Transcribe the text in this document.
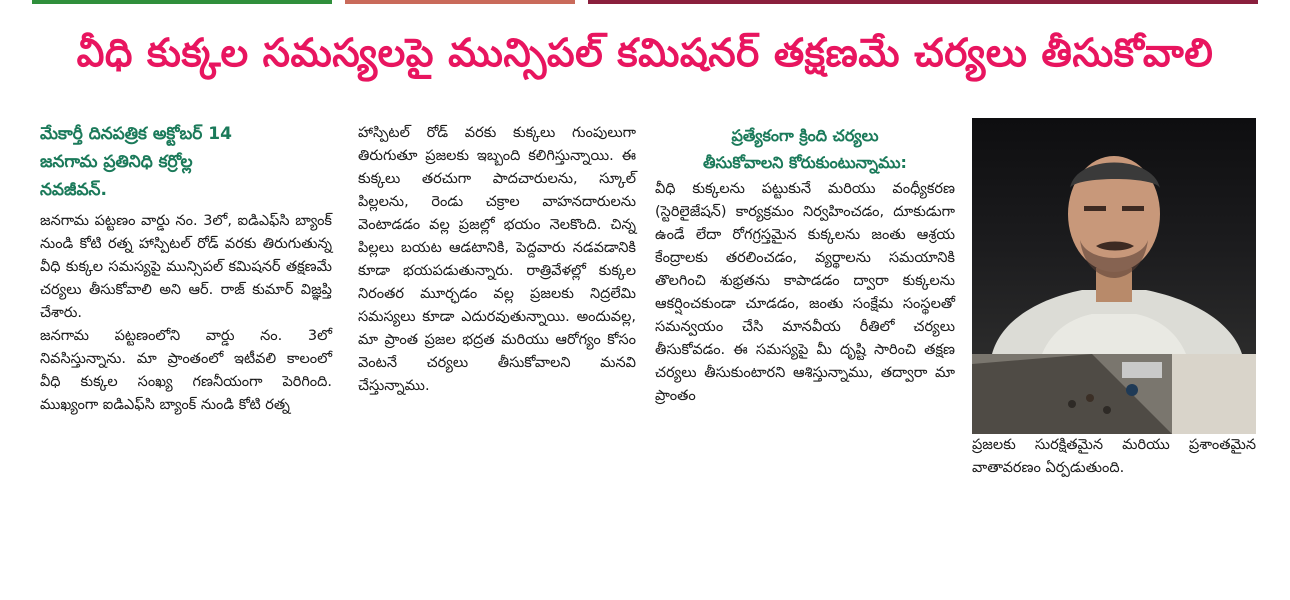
వీధి కుక్కల సమస్యలపై మున్సిపల్ కమిషనర్ తక్షణమే చర్యలు తీసుకోవాలి
మేకార్తీ దినపత్రిక అక్టోబర్ 14
జనగామ ప్రతినిధి కర్రోల్ల
నవజీవన్.

జనగామ పట్టణం వార్డు నం. 3లో, ఐడిఎఫ్‌సి బ్యాంక్ నుండి కోటి రత్న హాస్పిటల్ రోడ్ వరకు తిరుగుతున్న వీధి కుక్కల సమస్యపై మున్సిపల్ కమిషనర్ తక్షణమే చర్యలు తీసుకోవాలి అని ఆర్. రాజ్ కుమార్ విజ్ఞప్తి చేశారు.

జనగామ పట్టణంలోని వార్డు నం. 3లో నివసిస్తున్నాను. మా ప్రాంతంలో ఇటీవలి కాలంలో వీధి కుక్కల సంఖ్య గణనీయంగా పెరిగింది. ముఖ్యంగా ఐడిఎఫ్‌సి బ్యాంక్ నుండి కోటి రత్న

హాస్పిటల్ రోడ్ వరకు కుక్కలు గుంపులుగా తిరుగుతూ ప్రజలకు ఇబ్బంది కలిగిస్తున్నాయి. ఈ కుక్కలు తరచుగా పాదచారులను, స్కూల్ పిల్లలను, రెండు చక్రాల వాహనదారులను వెంటాడడం వల్ల ప్రజల్లో భయం నెలకొంది. చిన్న పిల్లలు బయట ఆడటానికి, పెద్దవారు నడవడానికి కూడా భయపడుతున్నారు. రాత్రివేళల్లో కుక్కల నిరంతర మూర్ఛడం వల్ల ప్రజలకు నిద్రలేమి సమస్యలు కూడా ఎదురవుతున్నాయి. అందువల్ల, మా ప్రాంత ప్రజల భద్రత మరియు ఆరోగ్యం కోసం వెంటనే చర్యలు తీసుకోవాలని మనవి చేస్తున్నాము.

ప్రత్యేకంగా క్రింది చర్యలు
తీసుకోవాలని కోరుకుంటున్నాము:

వీధి కుక్కలను పట్టుకునే మరియు వంధ్యీకరణ (స్టెరిలైజేషన్) కార్యక్రమం నిర్వహించడం, దూకుడుగా ఉండే లేదా రోగగ్రస్తమైన కుక్కలను జంతు ఆశ్రయ కేంద్రాలకు తరలించడం, వ్యర్థాలను సమయానికి తొలగించి శుభ్రతను కాపాడడం ద్వారా కుక్కలను ఆకర్షించకుండా చూడడం, జంతు సంక్షేమ సంస్థలతో సమన్వయం చేసి మానవీయ రీతిలో చర్యలు తీసుకోవడం. ఈ సమస్యపై మీ దృష్టి సారించి తక్షణ చర్యలు తీసుకుంటారని ఆశిస్తున్నాము, తద్వారా మా ప్రాంతం

ప్రజలకు సురక్షితమైన మరియు ప్రశాంతమైన వాతావరణం ఏర్పడుతుంది.
